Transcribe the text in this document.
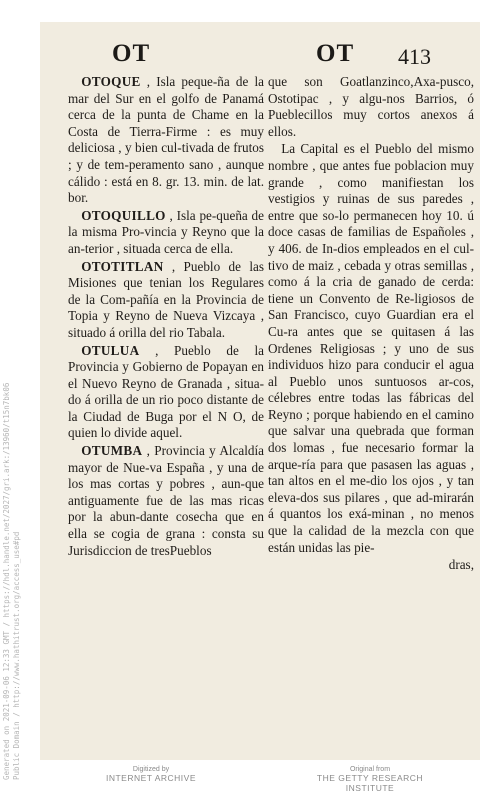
OT	OT 413

OTOQUE , Isla peque-ña de la mar del Sur en el golfo de Panamá cerca de la punta de Chame en la Costa de Tierra-Firme : es muy deliciosa , y bien cul-tivada de frutos ; y de tem-peramento sano , aunque cálido : está en 8. gr. 13. min. de lat. bor.

OTOQUILLO , Isla pe-queña de la misma Pro-vincia y Reyno que la an-terior , situada cerca de ella.

OTOTITLAN , Pueblo de las Misiones que tenian los Regulares de la Com-pañía en la Provincia de Topia y Reyno de Nueva Vizcaya , situado á orilla del rio Tabala.

OTULUA , Pueblo de la Provincia y Gobierno de Popayan en el Nuevo Reyno de Granada , situa-do á orilla de un rio poco distante de la Ciudad de Buga por el N O, de quien lo divide aquel.

OTUMBA , Provincia y Alcaldía mayor de Nue-va España , y una de los mas cortas y pobres , aun-que antiguamente fue de las mas ricas por la abun-dante cosecha que en ella se cogia de grana : consta su Jurisdiccion de tresPueblos

que son Goatlanzinco,Axa-pusco, Ostotipac , y algu-nos Barrios, ó Pueblecillos muy cortos anexos á ellos.

La Capital es el Pueblo del mismo nombre , que antes fue poblacion muy grande , como manifiestan los vestigios y ruinas de sus paredes , entre que so-lo permanecen hoy 10. ú doce casas de familias de Españoles , y 406. de In-dios empleados en el cul-tivo de maiz , cebada y otras semillas , como á la cria de ganado de cerda: tiene un Convento de Re-ligiosos de San Francisco, cuyo Guardian era el Cu-ra antes que se quitasen á las Ordenes Religiosas ; y uno de sus individuos hizo para conducir el agua al Pueblo unos suntuosos ar-cos, célebres entre todas las fábricas del Reyno ; porque habiendo en el camino que salvar una quebrada que forman dos lomas , fue necesario formar la arque-ría para que pasasen las aguas , tan altos en el me-dio los ojos , y tan eleva-dos sus pilares , que ad-mirarán á quantos los exá-minan , no menos que la calidad de la mezcla con que están unidas las pie-

dras,

Generated on 2021-09-06 12:33 GMT / https://hdl.handle.net/2027/gri.ark:/13960/t15n7bk06 Public Domain / http://www.hathitrust.org/access_use#pd	Digitized by
INTERNET ARCHIVE
Original from
THE GETTY RESEARCH INSTITUTE
